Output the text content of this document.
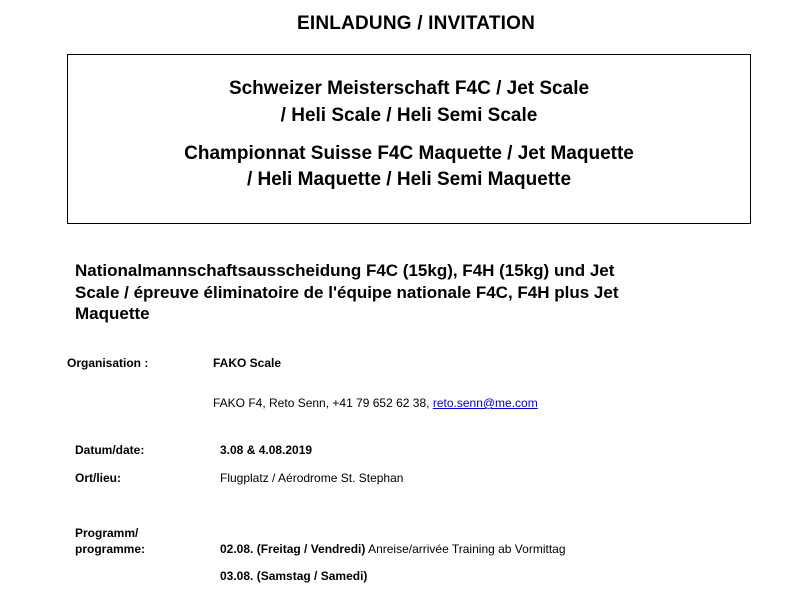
EINLADUNG / INVITATION
Schweizer Meisterschaft F4C / Jet Scale
/ Heli Scale / Heli Semi Scale
Championnat Suisse F4C Maquette / Jet Maquette
/ Heli Maquette / Heli Semi Maquette
Nationalmannschaftsausscheidung F4C (15kg), F4H (15kg) und Jet
Scale / épreuve éliminatoire de l'équipe nationale F4C, F4H plus Jet
Maquette
Organisation :	FAKO Scale
FAKO F4, Reto Senn, +41 79 652 62 38, reto.senn@me.com
Datum/date:	3.08 & 4.08.2019
Ort/lieu:	Flugplatz / Aérodrome St. Stephan
Programm/
programme:	02.08. (Freitag / Vendredi) Anreise/arrivée Training ab Vormittag
03.08. (Samstag / Samedi)
